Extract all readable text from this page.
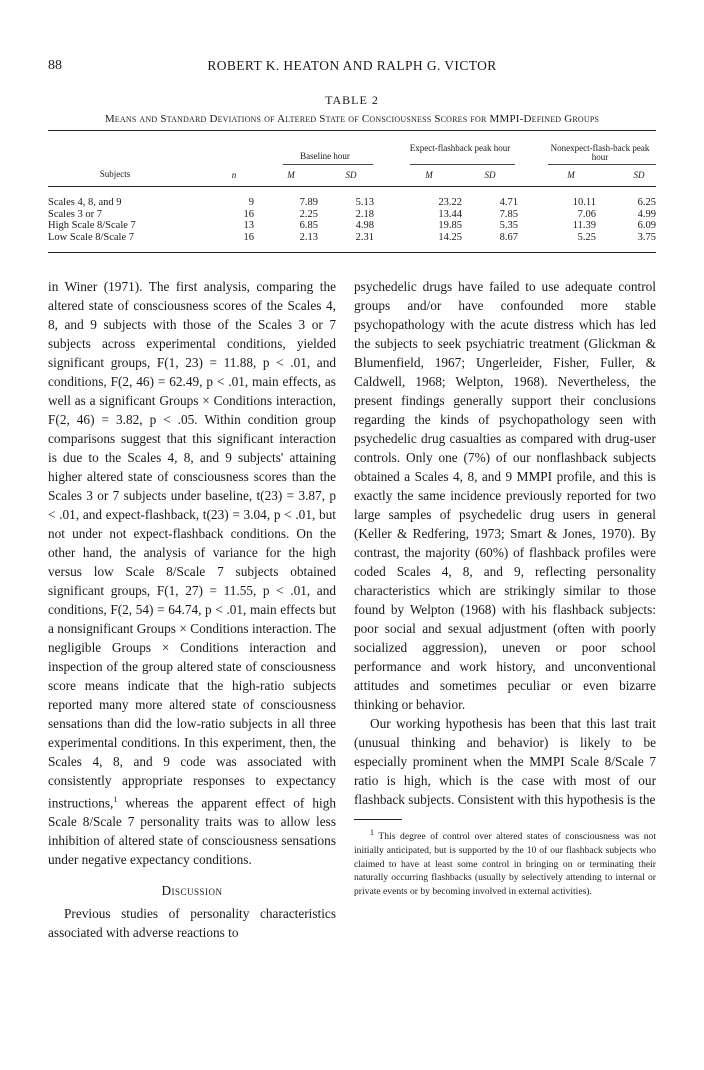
88	ROBERT K. HEATON AND RALPH G. VICTOR
TABLE 2
Means and Standard Deviations of Altered State of Consciousness Scores for MMPI-Defined Groups
Baseline hour
Expect-flashback peak hour	Nonexpect-flash-back peak hour
Subjects	n	M	SD	M	SD	M	SD
Scales 4, 8, and 9	9	7.89	5.13	23.22	4.71	10.11	6.25
Scales 3 or 7	16	2.25	2.18	13.44	7.85	7.06	4.99
High Scale 8/Scale 7	13	6.85	4.98	19.85	5.35	11.39	6.09
Low Scale 8/Scale 7	16	2.13	2.31	14.25	8.67	5.25	3.75

in Winer (1971). The first analysis, comparing the altered state of consciousness scores of the Scales 4, 8, and 9 subjects with those of the Scales 3 or 7 subjects across experimental conditions, yielded significant groups, F(1, 23) = 11.88, p < .01, and conditions, F(2, 46) = 62.49, p < .01, main effects, as well as a significant Groups × Conditions interaction, F(2, 46) = 3.82, p < .05. Within condition group comparisons suggest that this significant interaction is due to the Scales 4, 8, and 9 subjects' attaining higher altered state of consciousness scores than the Scales 3 or 7 subjects under baseline, t(23) = 3.87, p < .01, and expect-flashback, t(23) = 3.04, p < .01, but not under not expect-flashback conditions. On the other hand, the analysis of variance for the high versus low Scale 8/Scale 7 subjects obtained significant groups, F(1, 27) = 11.55, p < .01, and conditions, F(2, 54) = 64.74, p < .01, main effects but a nonsignificant Groups × Conditions interaction. The negligible Groups × Conditions interaction and inspection of the group altered state of consciousness score means indicate that the high-ratio subjects reported many more altered state of consciousness sensations than did the low-ratio subjects in all three experimental conditions. In this experiment, then, the Scales 4, 8, and 9 code was associated with consistently appropriate responses to expectancy instructions,$^1$ whereas the apparent effect of high Scale 8/Scale 7 personality traits was to allow less inhibition of altered state of consciousness sensations under negative expectancy conditions.

Discussion

Previous studies of personality characteristics associated with adverse reactions to

psychedelic drugs have failed to use adequate control groups and/or have confounded more stable psychopathology with the acute distress which has led the subjects to seek psychiatric treatment (Glickman & Blumenfield, 1967; Ungerleider, Fisher, Fuller, & Caldwell, 1968; Welpton, 1968). Nevertheless, the present findings generally support their conclusions regarding the kinds of psychopathology seen with psychedelic drug casualties as compared with drug-user controls. Only one (7%) of our nonflashback subjects obtained a Scales 4, 8, and 9 MMPI profile, and this is exactly the same incidence previously reported for two large samples of psychedelic drug users in general (Keller & Redfering, 1973; Smart & Jones, 1970). By contrast, the majority (60%) of flashback profiles were coded Scales 4, 8, and 9, reflecting personality characteristics which are strikingly similar to those found by Welpton (1968) with his flashback subjects: poor social and sexual adjustment (often with poorly socialized aggression), uneven or poor school performance and work history, and unconventional attitudes and sometimes peculiar or even bizarre thinking or behavior.

Our working hypothesis has been that this last trait (unusual thinking and behavior) is likely to be especially prominent when the MMPI Scale 8/Scale 7 ratio is high, which is the case with most of our flashback subjects. Consistent with this hypothesis is the

$^1$ This degree of control over altered states of consciousness was not initially anticipated, but is supported by the 10 of our flashback subjects who claimed to have at least some control in bringing on or terminating their naturally occurring flashbacks (usually by selectively attending to internal or private events or by becoming involved in external activities).
